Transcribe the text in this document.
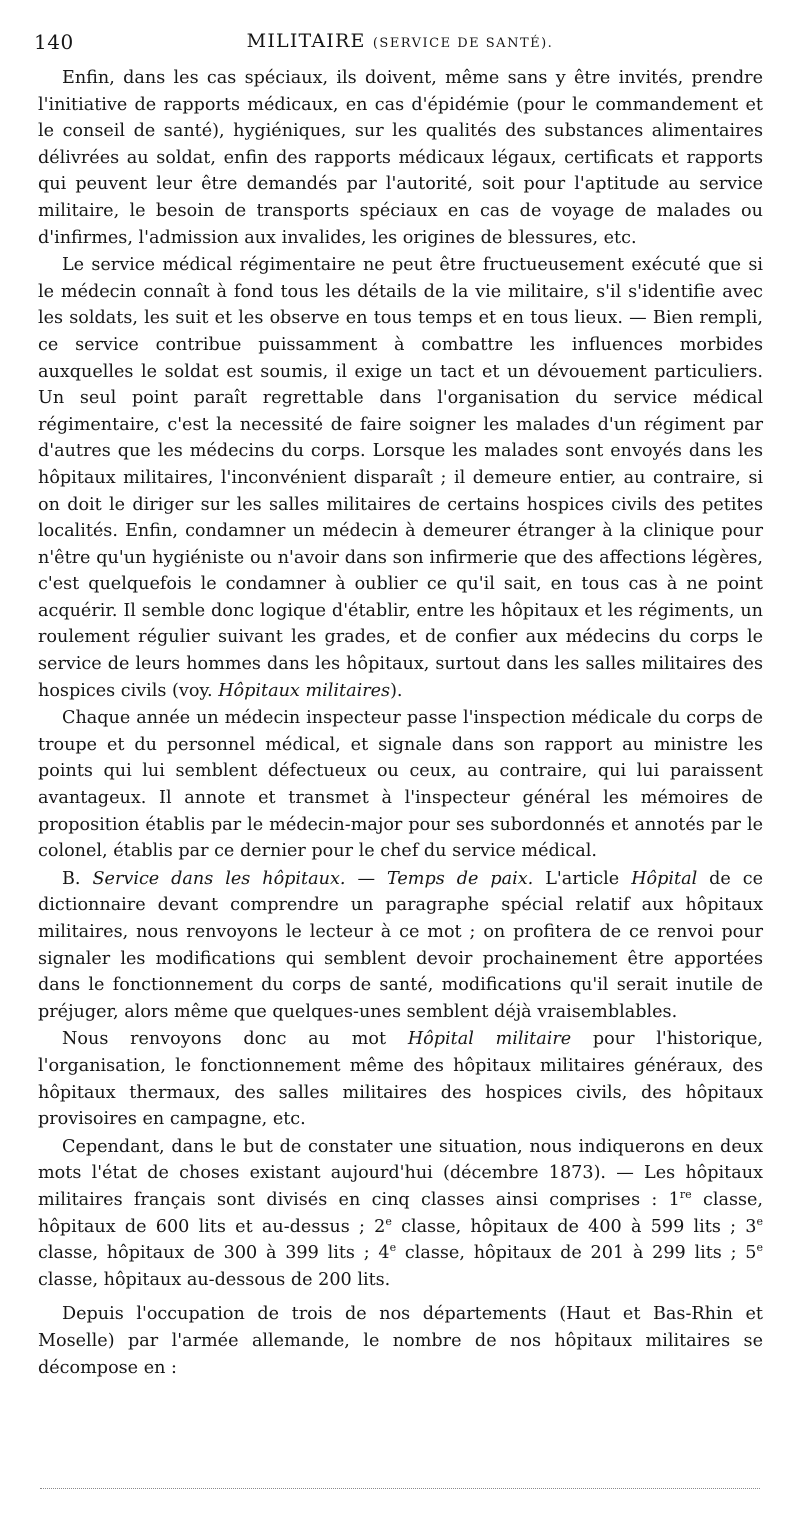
140	MILITAIRE (SERVICE DE SANTÉ).

Enfin, dans les cas spéciaux, ils doivent, même sans y être invités, prendre l'initiative de rapports médicaux, en cas d'épidémie (pour le commandement et le conseil de santé), hygiéniques, sur les qualités des substances alimentaires délivrées au soldat, enfin des rapports médicaux légaux, certificats et rapports qui peuvent leur être demandés par l'autorité, soit pour l'aptitude au service militaire, le besoin de transports spéciaux en cas de voyage de malades ou d'infirmes, l'admission aux invalides, les origines de blessures, etc.

Le service médical régimentaire ne peut être fructueusement exécuté que si le médecin connaît à fond tous les détails de la vie militaire, s'il s'identifie avec les soldats, les suit et les observe en tous temps et en tous lieux. — Bien rempli, ce service contribue puissamment à combattre les influences morbides auxquelles le soldat est soumis, il exige un tact et un dévouement particuliers. Un seul point paraît regrettable dans l'organisation du service médical régimentaire, c'est la necessité de faire soigner les malades d'un régiment par d'autres que les médecins du corps. Lorsque les malades sont envoyés dans les hôpitaux militaires, l'inconvénient disparaît ; il demeure entier, au contraire, si on doit le diriger sur les salles militaires de certains hospices civils des petites localités. Enfin, condamner un médecin à demeurer étranger à la clinique pour n'être qu'un hygiéniste ou n'avoir dans son infirmerie que des affections légères, c'est quelquefois le condamner à oublier ce qu'il sait, en tous cas à ne point acquérir. Il semble donc logique d'établir, entre les hôpitaux et les régiments, un roulement régulier suivant les grades, et de confier aux médecins du corps le service de leurs hommes dans les hôpitaux, surtout dans les salles militaires des hospices civils (voy. Hôpitaux militaires).

Chaque année un médecin inspecteur passe l'inspection médicale du corps de troupe et du personnel médical, et signale dans son rapport au ministre les points qui lui semblent défectueux ou ceux, au contraire, qui lui paraissent avantageux. Il annote et transmet à l'inspecteur général les mémoires de proposition établis par le médecin-major pour ses subordonnés et annotés par le colonel, établis par ce dernier pour le chef du service médical.

B. Service dans les hôpitaux. — Temps de paix. L'article Hôpital de ce dictionnaire devant comprendre un paragraphe spécial relatif aux hôpitaux militaires, nous renvoyons le lecteur à ce mot ; on profitera de ce renvoi pour signaler les modifications qui semblent devoir prochainement être apportées dans le fonctionnement du corps de santé, modifications qu'il serait inutile de préjuger, alors même que quelques-unes semblent déjà vraisemblables.

Nous renvoyons donc au mot Hôpital militaire pour l'historique, l'organisation, le fonctionnement même des hôpitaux militaires généraux, des hôpitaux thermaux, des salles militaires des hospices civils, des hôpitaux provisoires en campagne, etc.

Cependant, dans le but de constater une situation, nous indiquerons en deux mots l'état de choses existant aujourd'hui (décembre 1873). — Les hôpitaux militaires français sont divisés en cinq classes ainsi comprises : 1re classe, hôpitaux de 600 lits et au-dessus ; 2e classe, hôpitaux de 400 à 599 lits ; 3e classe, hôpitaux de 300 à 399 lits ; 4e classe, hôpitaux de 201 à 299 lits ; 5e classe, hôpitaux au-dessous de 200 lits.

Depuis l'occupation de trois de nos départements (Haut et Bas-Rhin et Moselle) par l'armée allemande, le nombre de nos hôpitaux militaires se décompose en :
